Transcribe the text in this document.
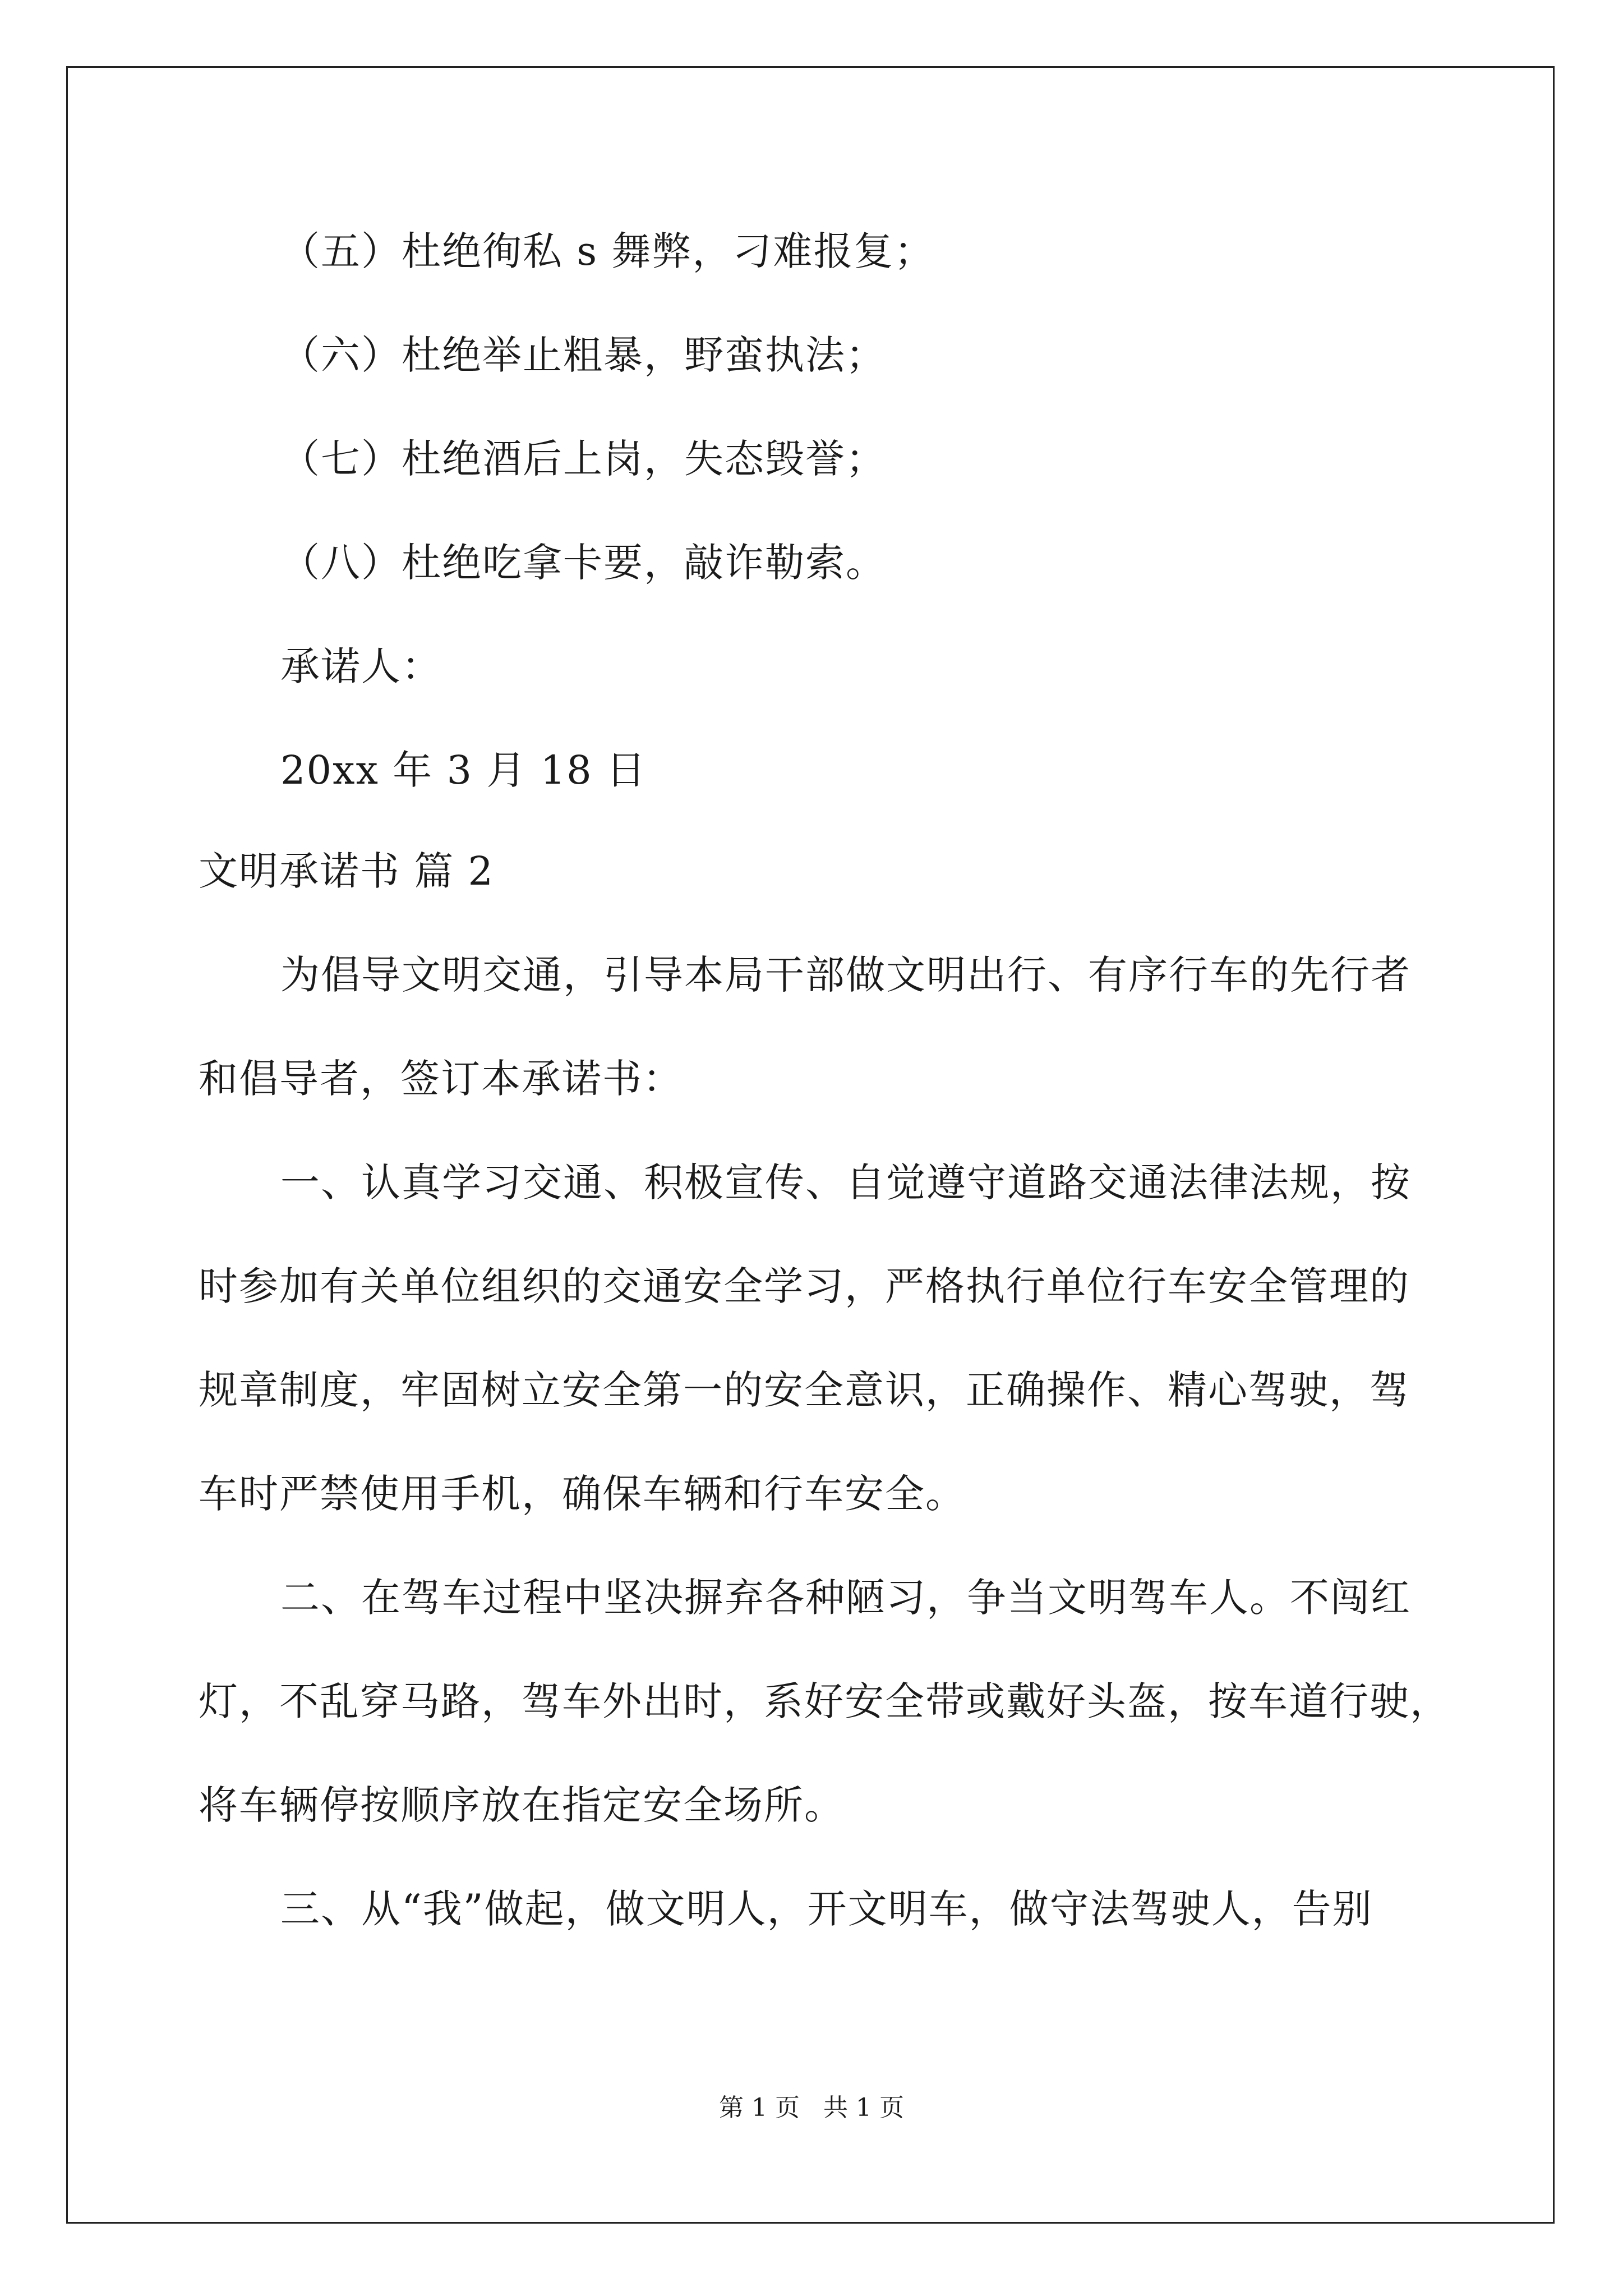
（五）杜绝徇私 s 舞弊，刁难报复；
（六）杜绝举止粗暴，野蛮执法；
（七）杜绝酒后上岗，失态毁誉；
（八）杜绝吃拿卡要，敲诈勒索。
承诺人：
20xx 年 3 月 18 日
文明承诺书 篇 2
为倡导文明交通，引导本局干部做文明出行、有序行车的先行者
和倡导者，签订本承诺书：
一、认真学习交通、积极宣传、自觉遵守道路交通法律法规，按
时参加有关单位组织的交通安全学习，严格执行单位行车安全管理的
规章制度，牢固树立安全第一的安全意识，正确操作、精心驾驶，驾
车时严禁使用手机，确保车辆和行车安全。
二、在驾车过程中坚决摒弃各种陋习，争当文明驾车人。不闯红
灯，不乱穿马路，驾车外出时，系好安全带或戴好头盔，按车道行驶，
将车辆停按顺序放在指定安全场所。
三、从“我”做起，做文明人，开文明车，做守法驾驶人，告别
第 1 页   共 1 页
